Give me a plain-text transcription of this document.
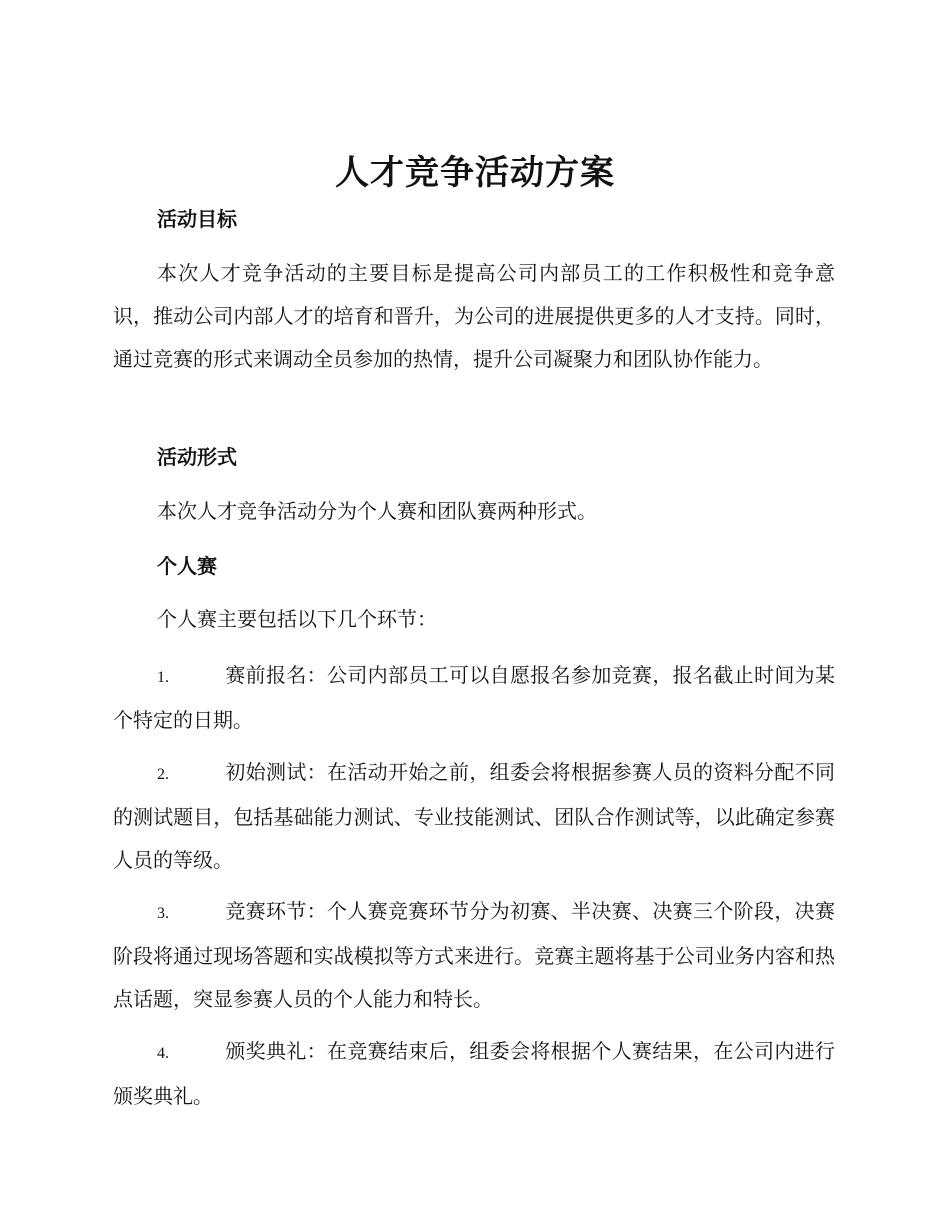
人才竞争活动方案
活动目标
本次人才竞争活动的主要目标是提高公司内部员工的工作积极性和竞争意识，推动公司内部人才的培育和晋升，为公司的进展提供更多的人才支持。同时，通过竞赛的形式来调动全员参加的热情，提升公司凝聚力和团队协作能力。
活动形式
本次人才竞争活动分为个人赛和团队赛两种形式。
个人赛
个人赛主要包括以下几个环节：
1.	赛前报名：公司内部员工可以自愿报名参加竞赛，报名截止时间为某个特定的日期。
2.	初始测试：在活动开始之前，组委会将根据参赛人员的资料分配不同的测试题目，包括基础能力测试、专业技能测试、团队合作测试等，以此确定参赛人员的等级。
3.	竞赛环节：个人赛竞赛环节分为初赛、半决赛、决赛三个阶段，决赛阶段将通过现场答题和实战模拟等方式来进行。竞赛主题将基于公司业务内容和热点话题，突显参赛人员的个人能力和特长。
4.	颁奖典礼：在竞赛结束后，组委会将根据个人赛结果，在公司内进行颁奖典礼。
